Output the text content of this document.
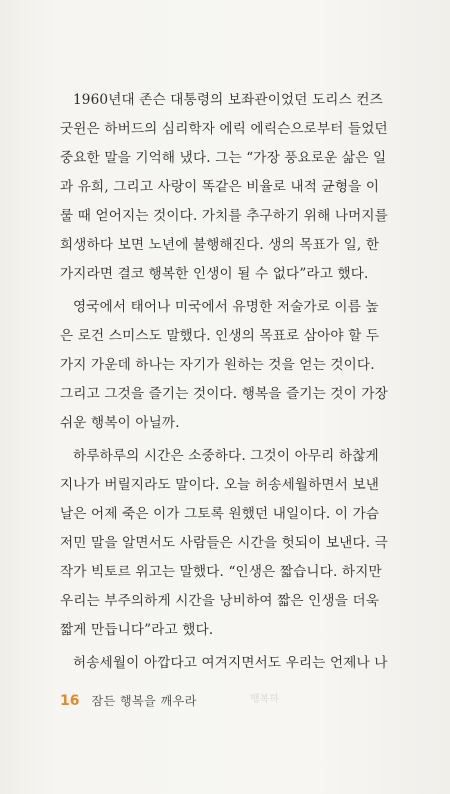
1960년대 존슨 대통령의 보좌관이었던 도리스 컨즈
굿윈은 하버드의 심리학자 에릭 에릭슨으로부터 들었던
중요한 말을 기억해 냈다. 그는 “가장 풍요로운 삶은 일
과 유희, 그리고 사랑이 똑같은 비율로 내적 균형을 이
룰 때 얻어지는 것이다. 가치를 추구하기 위해 나머지를
희생하다 보면 노년에 불행해진다. 생의 목표가 일, 한
가지라면 결코 행복한 인생이 될 수 없다”라고 했다.
영국에서 태어나 미국에서 유명한 저술가로 이름 높
은 로건 스미스도 말했다. 인생의 목표로 삼아야 할 두
가지 가운데 하나는 자기가 원하는 것을 얻는 것이다.
그리고 그것을 즐기는 것이다. 행복을 즐기는 것이 가장
쉬운 행복이 아닐까.
하루하루의 시간은 소중하다. 그것이 아무리 하찮게
지나가 버릴지라도 말이다. 오늘 허송세월하면서 보낸
날은 어제 죽은 이가 그토록 원했던 내일이다. 이 가슴
저민 말을 알면서도 사람들은 시간을 헛되이 보낸다. 극
작가 빅토르 위고는 말했다. “인생은 짧습니다. 하지만
우리는 부주의하게 시간을 낭비하여 짧은 인생을 더욱
짧게 만듭니다”라고 했다.
허송세월이 아깝다고 여겨지면서도 우리는 언제나 나
16 잠든 행복을 깨우라	행복하
